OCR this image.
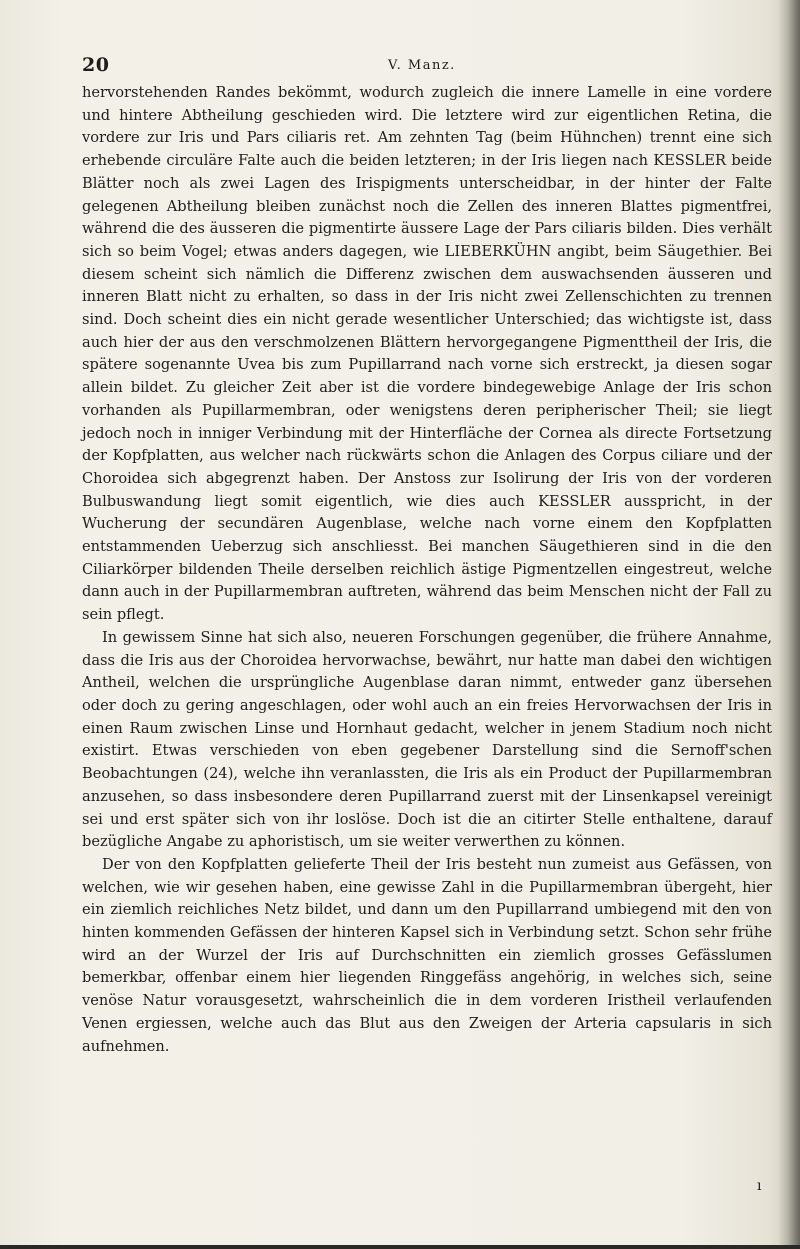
20	V. Manz.

hervorstehenden Randes bekömmt, wodurch zugleich die innere Lamelle in eine vordere und hintere Abtheilung geschieden wird. Die letztere wird zur eigentlichen Retina, die vordere zur Iris und Pars ciliaris ret. Am zehnten Tag (beim Hühnchen) trennt eine sich erhebende circuläre Falte auch die beiden letzteren; in der Iris liegen nach KESSLER beide Blätter noch als zwei Lagen des Irispigments unterscheidbar, in der hinter der Falte gelegenen Abtheilung bleiben zunächst noch die Zellen des inneren Blattes pigmentfrei, während die des äusseren die pigmentirte äussere Lage der Pars ciliaris bilden. Dies verhält sich so beim Vogel; etwas anders dagegen, wie LIEBERKÜHN angibt, beim Säugethier. Bei diesem scheint sich nämlich die Differenz zwischen dem auswachsenden äusseren und inneren Blatt nicht zu erhalten, so dass in der Iris nicht zwei Zellenschichten zu trennen sind. Doch scheint dies ein nicht gerade wesentlicher Unterschied; das wichtigste ist, dass auch hier der aus den verschmolzenen Blättern hervorgegangene Pigmenttheil der Iris, die spätere sogenannte Uvea bis zum Pupillarrand nach vorne sich erstreckt, ja diesen sogar allein bildet. Zu gleicher Zeit aber ist die vordere bindegewebige Anlage der Iris schon vorhanden als Pupillarmembran, oder wenigstens deren peripherischer Theil; sie liegt jedoch noch in inniger Verbindung mit der Hinterfläche der Cornea als directe Fortsetzung der Kopfplatten, aus welcher nach rückwärts schon die Anlagen des Corpus ciliare und der Choroidea sich abgegrenzt haben. Der Anstoss zur Isolirung der Iris von der vorderen Bulbuswandung liegt somit eigentlich, wie dies auch KESSLER ausspricht, in der Wucherung der secundären Augenblase, welche nach vorne einem den Kopfplatten entstammenden Ueberzug sich anschliesst. Bei manchen Säugethieren sind in die den Ciliarkörper bildenden Theile derselben reichlich ästige Pigmentzellen eingestreut, welche dann auch in der Pupillarmembran auftreten, während das beim Menschen nicht der Fall zu sein pflegt.

In gewissem Sinne hat sich also, neueren Forschungen gegenüber, die frühere Annahme, dass die Iris aus der Choroidea hervorwachse, bewährt, nur hatte man dabei den wichtigen Antheil, welchen die ursprüngliche Augenblase daran nimmt, entweder ganz übersehen oder doch zu gering angeschlagen, oder wohl auch an ein freies Hervorwachsen der Iris in einen Raum zwischen Linse und Hornhaut gedacht, welcher in jenem Stadium noch nicht existirt. Etwas verschieden von eben gegebener Darstellung sind die Sernoff'schen Beobachtungen (24), welche ihn veranlassten, die Iris als ein Product der Pupillarmembran anzusehen, so dass insbesondere deren Pupillarrand zuerst mit der Linsenkapsel vereinigt sei und erst später sich von ihr loslöse. Doch ist die an citirter Stelle enthaltene, darauf bezügliche Angabe zu aphoristisch, um sie weiter verwerthen zu können.

Der von den Kopfplatten gelieferte Theil der Iris besteht nun zumeist aus Gefässen, von welchen, wie wir gesehen haben, eine gewisse Zahl in die Pupillarmembran übergeht, hier ein ziemlich reichliches Netz bildet, und dann um den Pupillarrand umbiegend mit den von hinten kommenden Gefässen der hinteren Kapsel sich in Verbindung setzt. Schon sehr frühe wird an der Wurzel der Iris auf Durchschnitten ein ziemlich grosses Gefässlumen bemerkbar, offenbar einem hier liegenden Ringgefäss angehörig, in welches sich, seine venöse Natur vorausgesetzt, wahrscheinlich die in dem vorderen Iristheil verlaufenden Venen ergiessen, welche auch das Blut aus den Zweigen der Arteria capsularis in sich aufnehmen.

ı
